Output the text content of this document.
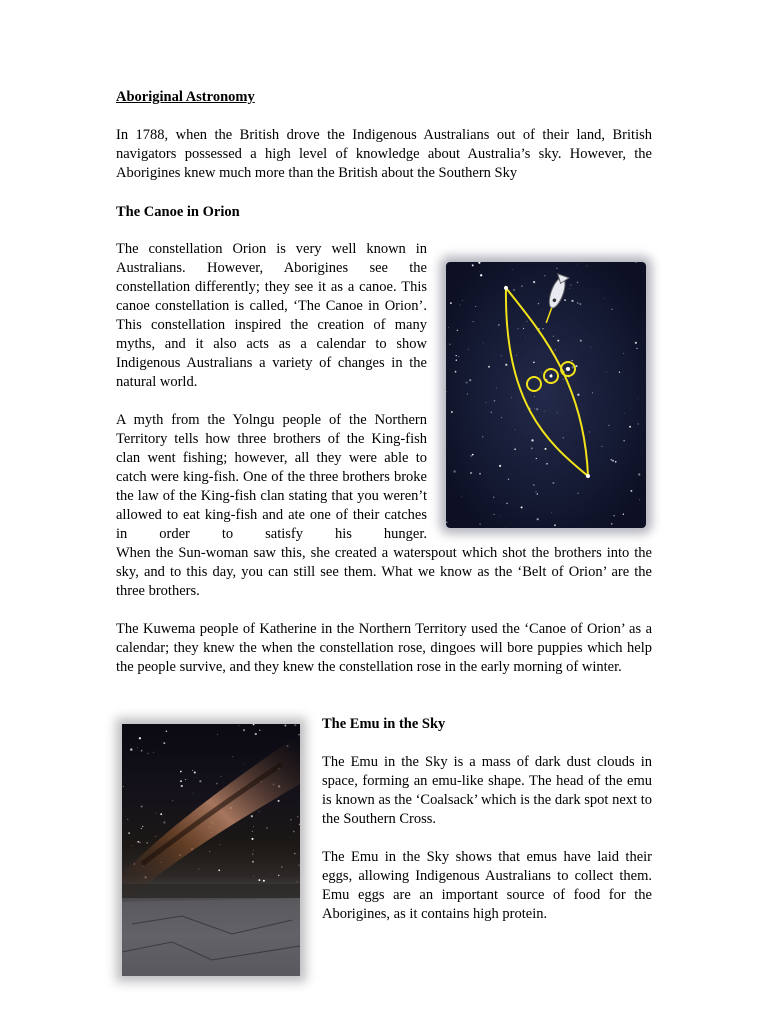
Aboriginal Astronomy

In 1788, when the British drove the Indigenous Australians out of their land, British navigators possessed a high level of knowledge about Australia’s sky. However, the Aborigines knew much more than the British about the Southern Sky

The Canoe in Orion

The constellation Orion is very well known in Australians. However, Aborigines see the constellation differently; they see it as a canoe. This canoe constellation is called, ‘The Canoe in Orion’. This constellation inspired the creation of many myths, and it also acts as a calendar to show Indigenous Australians a variety of changes in the natural world.

A myth from the Yolngu people of the Northern Territory tells how three brothers of the King-fish clan went fishing; however, all they were able to catch were king-fish. One of the three brothers broke the law of the King-fish clan stating that you weren’t allowed to eat king-fish and ate one of their catches in order to satisfy his hunger.

When the Sun-woman saw this, she created a waterspout which shot the brothers into the sky, and to this day, you can still see them. What we know as the ‘Belt of Orion’ are the three brothers.

The Kuwema people of Katherine in the Northern Territory used the ‘Canoe of Orion’ as a calendar; they knew the when the constellation rose, dingoes will bore puppies which help the people survive, and they knew the constellation rose in the early morning of winter.

The Emu in the Sky

The Emu in the Sky is a mass of dark dust clouds in space, forming an emu-like shape. The head of the emu is known as the ‘Coalsack’ which is the dark spot next to the Southern Cross.

The Emu in the Sky shows that emus have laid their eggs, allowing Indigenous Australians to collect them. Emu eggs are an important source of food for the Aborigines, as it contains high protein.
